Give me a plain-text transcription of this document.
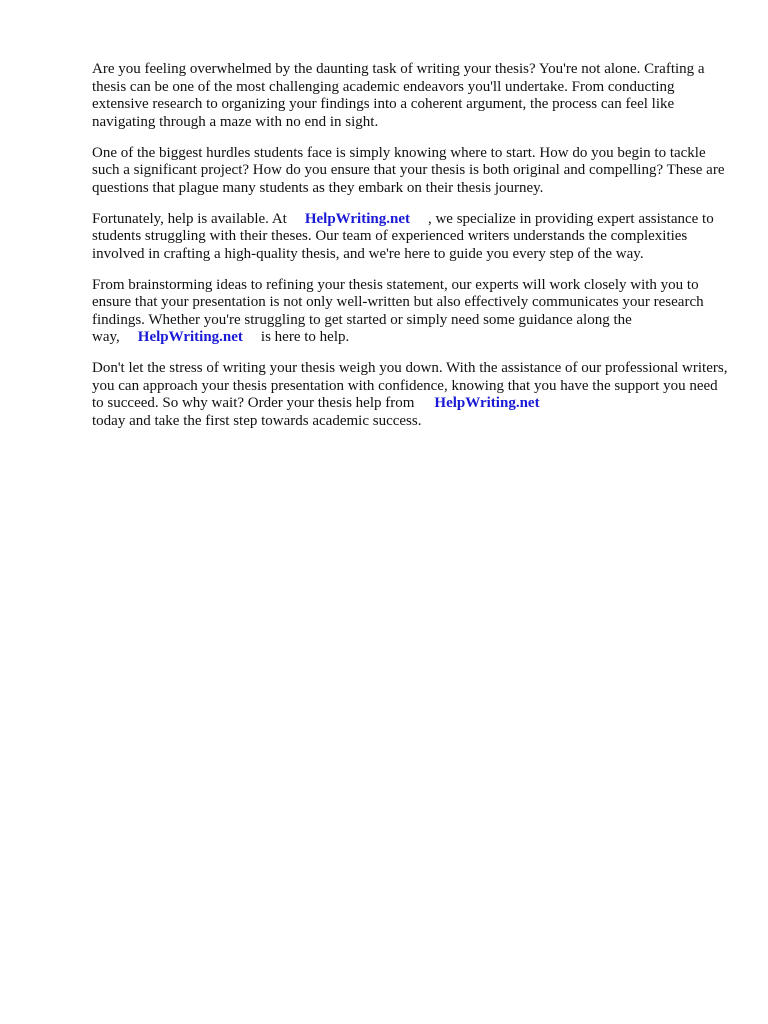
Are you feeling overwhelmed by the daunting task of writing your thesis? You're not alone. Crafting a thesis can be one of the most challenging academic endeavors you'll undertake. From conducting extensive research to organizing your findings into a coherent argument, the process can feel like navigating through a maze with no end in sight.

One of the biggest hurdles students face is simply knowing where to start. How do you begin to tackle such a significant project? How do you ensure that your thesis is both original and compelling? These are questions that plague many students as they embark on their thesis journey.

Fortunately, help is available. At HelpWriting.net , we specialize in providing expert assistance to students struggling with their theses. Our team of experienced writers understands the complexities involved in crafting a high-quality thesis, and we're here to guide you every step of the way.

From brainstorming ideas to refining your thesis statement, our experts will work closely with you to ensure that your presentation is not only well-written but also effectively communicates your research findings. Whether you're struggling to get started or simply need some guidance along the way, HelpWriting.net is here to help.

Don't let the stress of writing your thesis weigh you down. With the assistance of our professional writers, you can approach your thesis presentation with confidence, knowing that you have the support you need to succeed. So why wait? Order your thesis help from HelpWriting.net
today and take the first step towards academic success.
